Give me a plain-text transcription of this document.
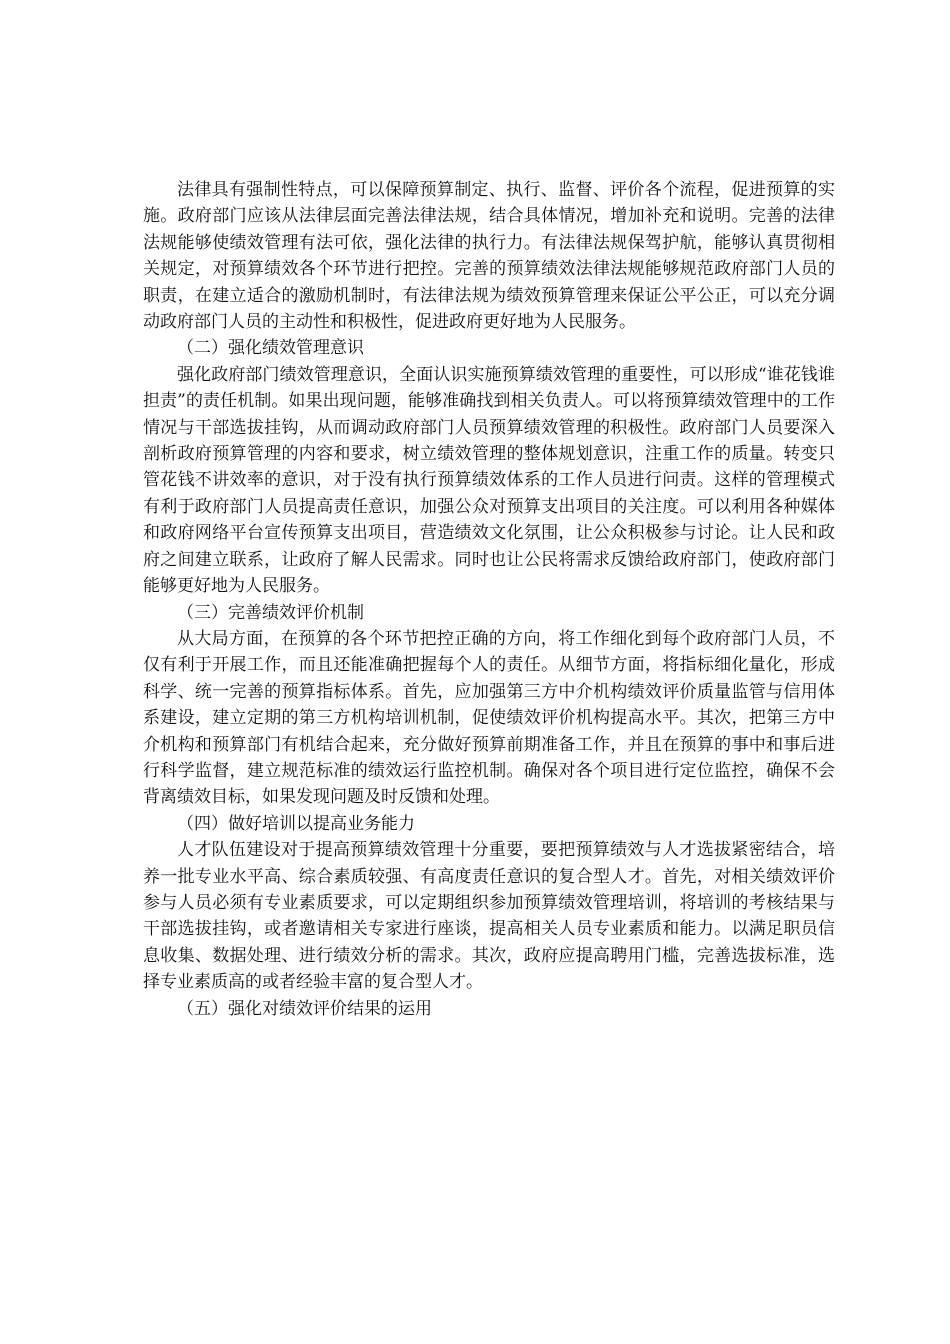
法律具有强制性特点，可以保障预算制定、执行、监督、评价各个流程，促进预算的实施。政府部门应该从法律层面完善法律法规，结合具体情况，增加补充和说明。完善的法律法规能够使绩效管理有法可依，强化法律的执行力。有法律法规保驾护航，能够认真贯彻相关规定，对预算绩效各个环节进行把控。完善的预算绩效法律法规能够规范政府部门人员的职责，在建立适合的激励机制时，有法律法规为绩效预算管理来保证公平公正，可以充分调动政府部门人员的主动性和积极性，促进政府更好地为人民服务。

（二）强化绩效管理意识

强化政府部门绩效管理意识，全面认识实施预算绩效管理的重要性，可以形成“谁花钱谁担责”的责任机制。如果出现问题，能够准确找到相关负责人。可以将预算绩效管理中的工作情况与干部选拔挂钩，从而调动政府部门人员预算绩效管理的积极性。政府部门人员要深入剖析政府预算管理的内容和要求，树立绩效管理的整体规划意识，注重工作的质量。转变只管花钱不讲效率的意识，对于没有执行预算绩效体系的工作人员进行问责。这样的管理模式有利于政府部门人员提高责任意识，加强公众对预算支出项目的关注度。可以利用各种媒体和政府网络平台宣传预算支出项目，营造绩效文化氛围，让公众积极参与讨论。让人民和政府之间建立联系，让政府了解人民需求。同时也让公民将需求反馈给政府部门，使政府部门能够更好地为人民服务。

（三）完善绩效评价机制

从大局方面，在预算的各个环节把控正确的方向，将工作细化到每个政府部门人员，不仅有利于开展工作，而且还能准确把握每个人的责任。从细节方面，将指标细化量化，形成科学、统一完善的预算指标体系。首先，应加强第三方中介机构绩效评价质量监管与信用体系建设，建立定期的第三方机构培训机制，促使绩效评价机构提高水平。其次，把第三方中介机构和预算部门有机结合起来，充分做好预算前期准备工作，并且在预算的事中和事后进行科学监督，建立规范标准的绩效运行监控机制。确保对各个项目进行定位监控，确保不会背离绩效目标，如果发现问题及时反馈和处理。

（四）做好培训以提高业务能力

人才队伍建设对于提高预算绩效管理十分重要，要把预算绩效与人才选拔紧密结合，培养一批专业水平高、综合素质较强、有高度责任意识的复合型人才。首先，对相关绩效评价参与人员必须有专业素质要求，可以定期组织参加预算绩效管理培训，将培训的考核结果与干部选拔挂钩，或者邀请相关专家进行座谈，提高相关人员专业素质和能力。以满足职员信息收集、数据处理、进行绩效分析的需求。其次，政府应提高聘用门槛，完善选拔标准，选择专业素质高的或者经验丰富的复合型人才。

（五）强化对绩效评价结果的运用
